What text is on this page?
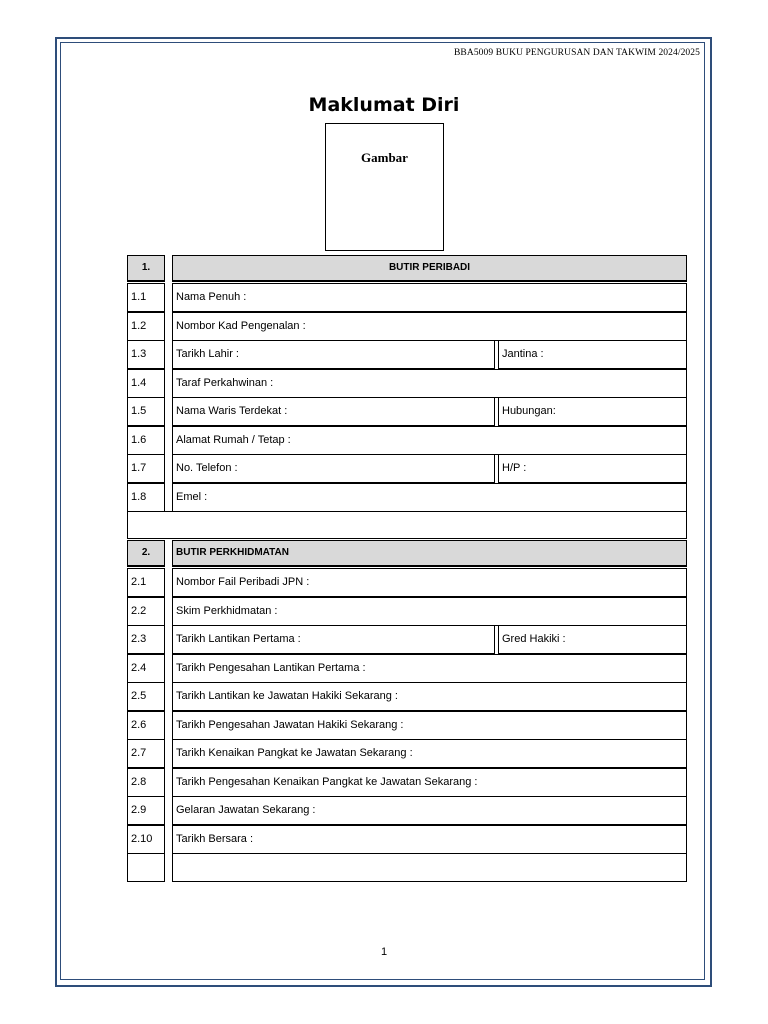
BBA5009 BUKU PENGURUSAN DAN TAKWIM 2024/2025
Maklumat Diri
Gambar
1.	BUTIR PERIBADI
1.1	Nama Penuh :
1.2	Nombor Kad Pengenalan :
1.3	Tarikh Lahir :	Jantina :
1.4	Taraf Perkahwinan :
1.5	Nama Waris Terdekat :	Hubungan:
1.6	Alamat Rumah / Tetap :
1.7	No. Telefon :	H/P :
1.8	Emel :
2.	BUTIR PERKHIDMATAN
2.1	Nombor Fail Peribadi JPN :
2.2	Skim Perkhidmatan :
2.3	Tarikh Lantikan Pertama :	Gred Hakiki :
2.4	Tarikh Pengesahan Lantikan Pertama :
2.5	Tarikh Lantikan ke Jawatan Hakiki Sekarang :
2.6	Tarikh Pengesahan Jawatan Hakiki Sekarang :
2.7	Tarikh Kenaikan Pangkat ke Jawatan Sekarang :
2.8	Tarikh Pengesahan Kenaikan Pangkat ke Jawatan Sekarang :
2.9	Gelaran Jawatan Sekarang :
2.10	Tarikh Bersara :
1
